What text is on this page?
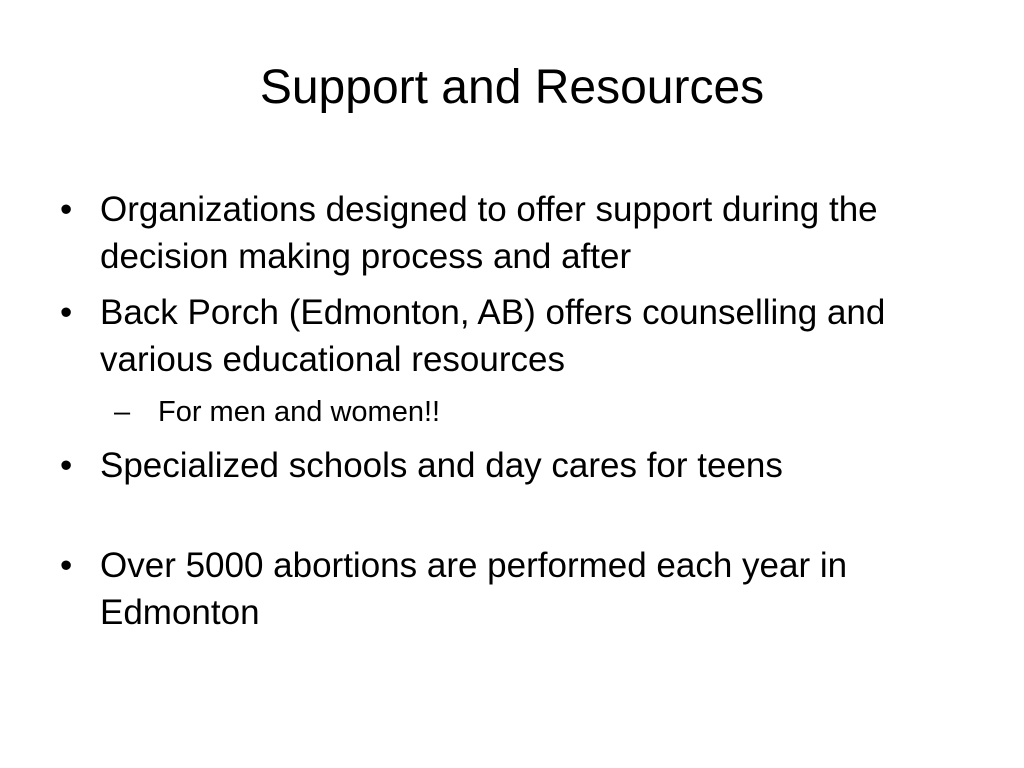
Support and Resources
• Organizations designed to offer support during the decision making process and after
• Back Porch (Edmonton, AB) offers counselling and various educational resources
– For men and women!!
• Specialized schools and day cares for teens
• Over 5000 abortions are performed each year in Edmonton
